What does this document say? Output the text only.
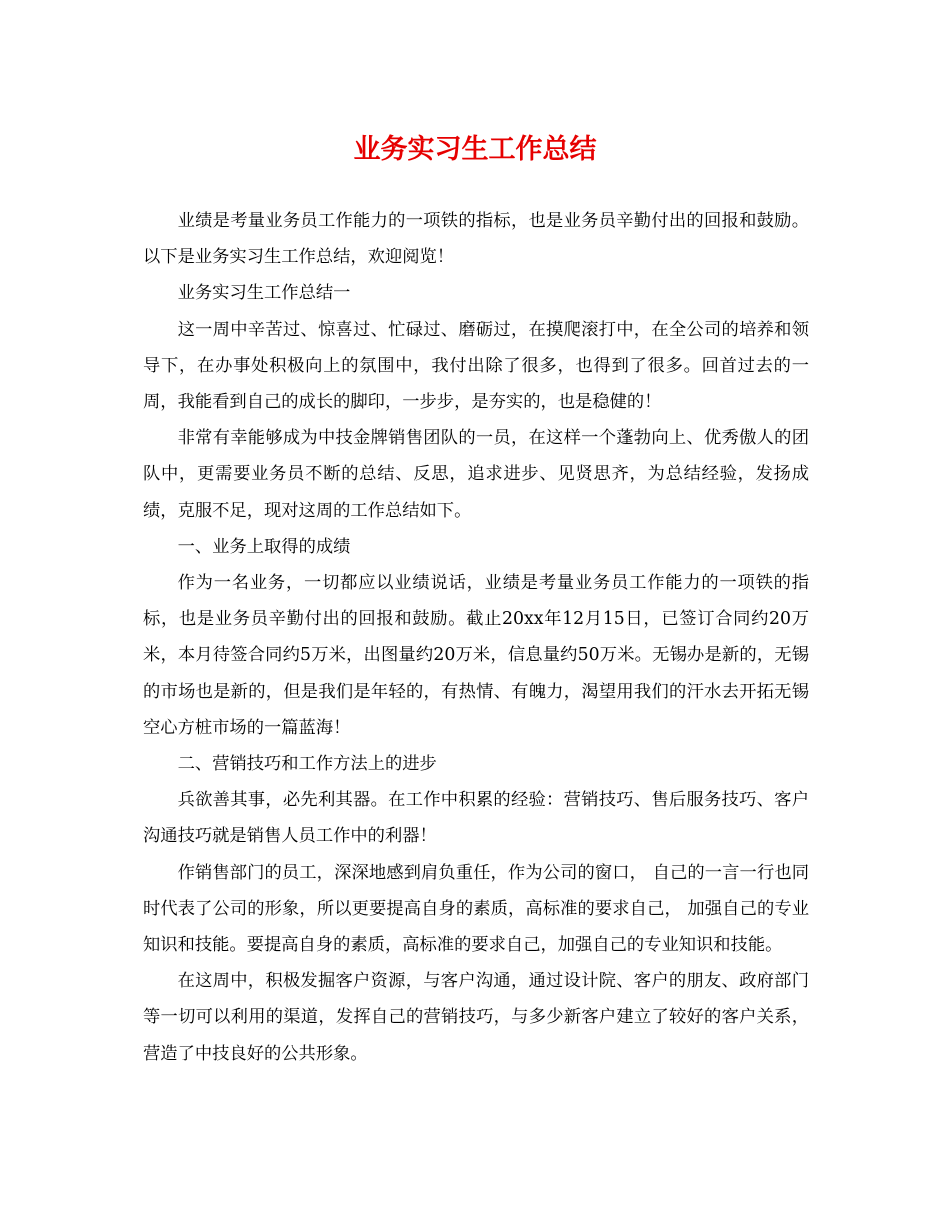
业务实习生工作总结

业绩是考量业务员工作能力的一项铁的指标，也是业务员辛勤付出的回报和鼓励。以下是业务实习生工作总结，欢迎阅览！

业务实习生工作总结一

这一周中辛苦过、惊喜过、忙碌过、磨砺过，在摸爬滚打中，在全公司的培养和领导下，在办事处积极向上的氛围中，我付出除了很多，也得到了很多。回首过去的一周，我能看到自己的成长的脚印，一步步，是夯实的，也是稳健的！

非常有幸能够成为中技金牌销售团队的一员，在这样一个蓬勃向上、优秀傲人的团队中，更需要业务员不断的总结、反思，追求进步、见贤思齐，为总结经验，发扬成绩，克服不足，现对这周的工作总结如下。

一、业务上取得的成绩

作为一名业务，一切都应以业绩说话，业绩是考量业务员工作能力的一项铁的指标，也是业务员辛勤付出的回报和鼓励。截止20xx年12月15日，已签订合同约20万米，本月待签合同约5万米，出图量约20万米，信息量约50万米。无锡办是新的，无锡的市场也是新的，但是我们是年轻的，有热情、有魄力，渴望用我们的汗水去开拓无锡空心方桩市场的一篇蓝海！

二、营销技巧和工作方法上的进步

兵欲善其事，必先利其器。在工作中积累的经验：营销技巧、售后服务技巧、客户沟通技巧就是销售人员工作中的利器！

作销售部门的员工，深深地感到肩负重任，作为公司的窗口， 自己的一言一行也同时代表了公司的形象，所以更要提高自身的素质，高标准的要求自己， 加强自己的专业知识和技能。要提高自身的素质，高标准的要求自己，加强自己的专业知识和技能。

在这周中，积极发掘客户资源，与客户沟通，通过设计院、客户的朋友、政府部门等一切可以利用的渠道，发挥自己的营销技巧，与多少新客户建立了较好的客户关系，营造了中技良好的公共形象。
